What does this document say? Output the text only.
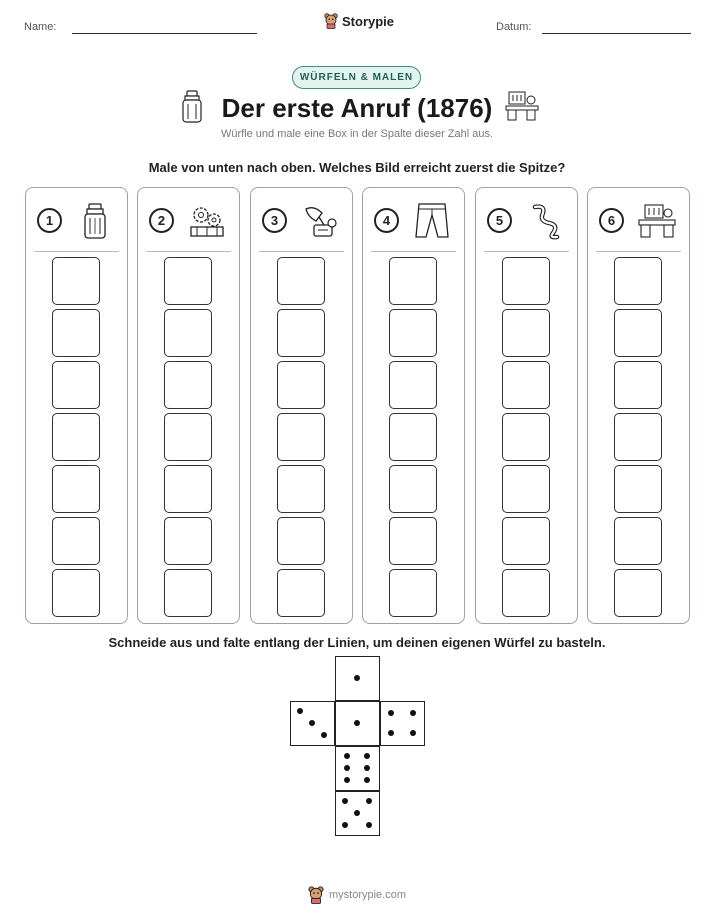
Name:	Storypie	Datum:
WÜRFELN & MALEN
Der erste Anruf (1876)
Würfle und male eine Box in der Spalte dieser Zahl aus.
Male von unten nach oben. Welches Bild erreicht zuerst die Spitze?
1	2	3	4	5	6
Schneide aus und falte entlang der Linien, um deinen eigenen Würfel zu basteln.
mystorypie.com
